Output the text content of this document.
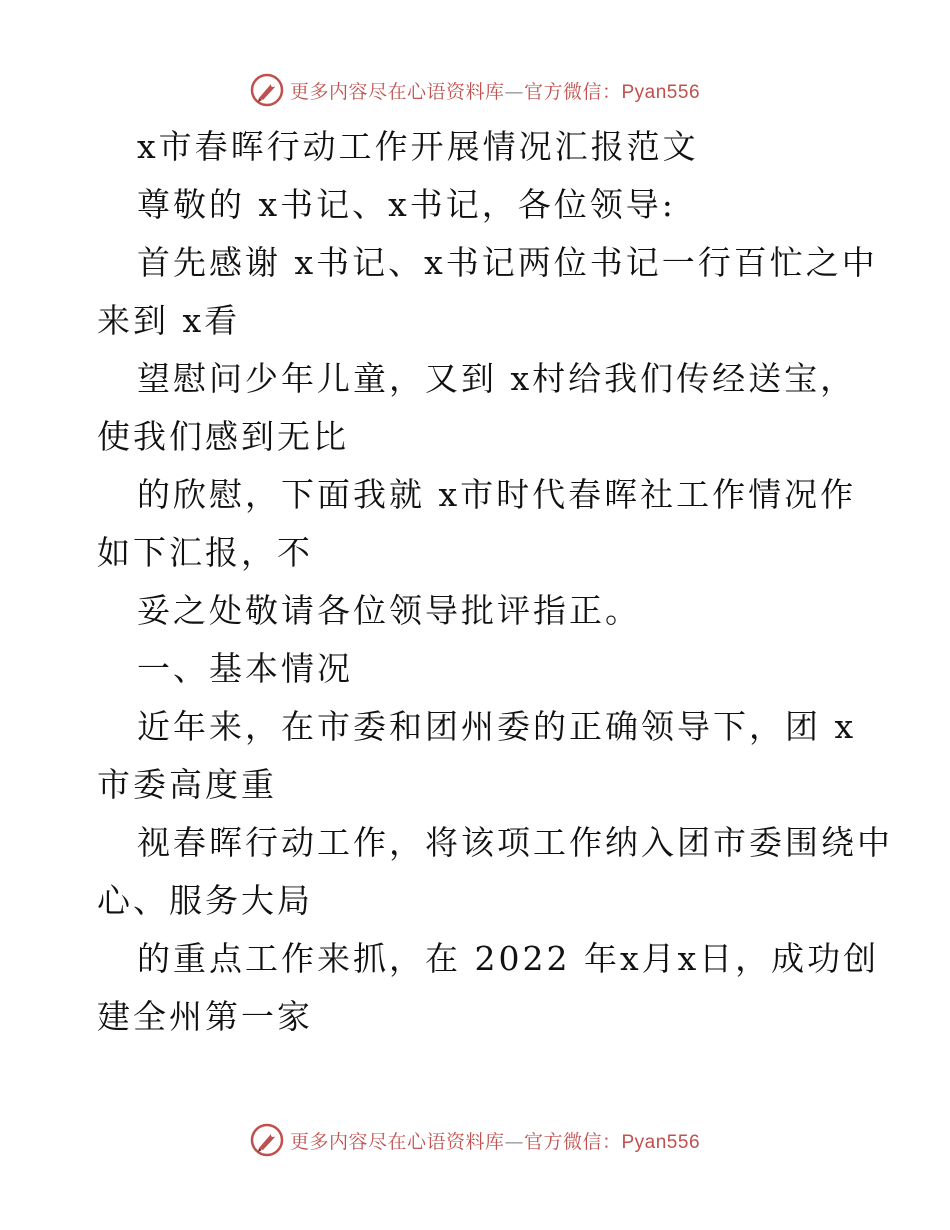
更多内容尽在心语资料库—官方微信：Pyan556
x市春晖行动工作开展情况汇报范文
尊敬的 x书记、x书记，各位领导:
首先感谢 x书记、x书记两位书记一行百忙之中
来到 x看
望慰问少年儿童，又到 x村给我们传经送宝，
使我们感到无比
的欣慰，下面我就 x市时代春晖社工作情况作
如下汇报，不
妥之处敬请各位领导批评指正。
一、基本情况
近年来，在市委和团州委的正确领导下，团 x
市委高度重
视春晖行动工作，将该项工作纳入团市委围绕中
心、服务大局
的重点工作来抓，在 2022 年x月x日，成功创
建全州第一家
更多内容尽在心语资料库—官方微信：Pyan556
